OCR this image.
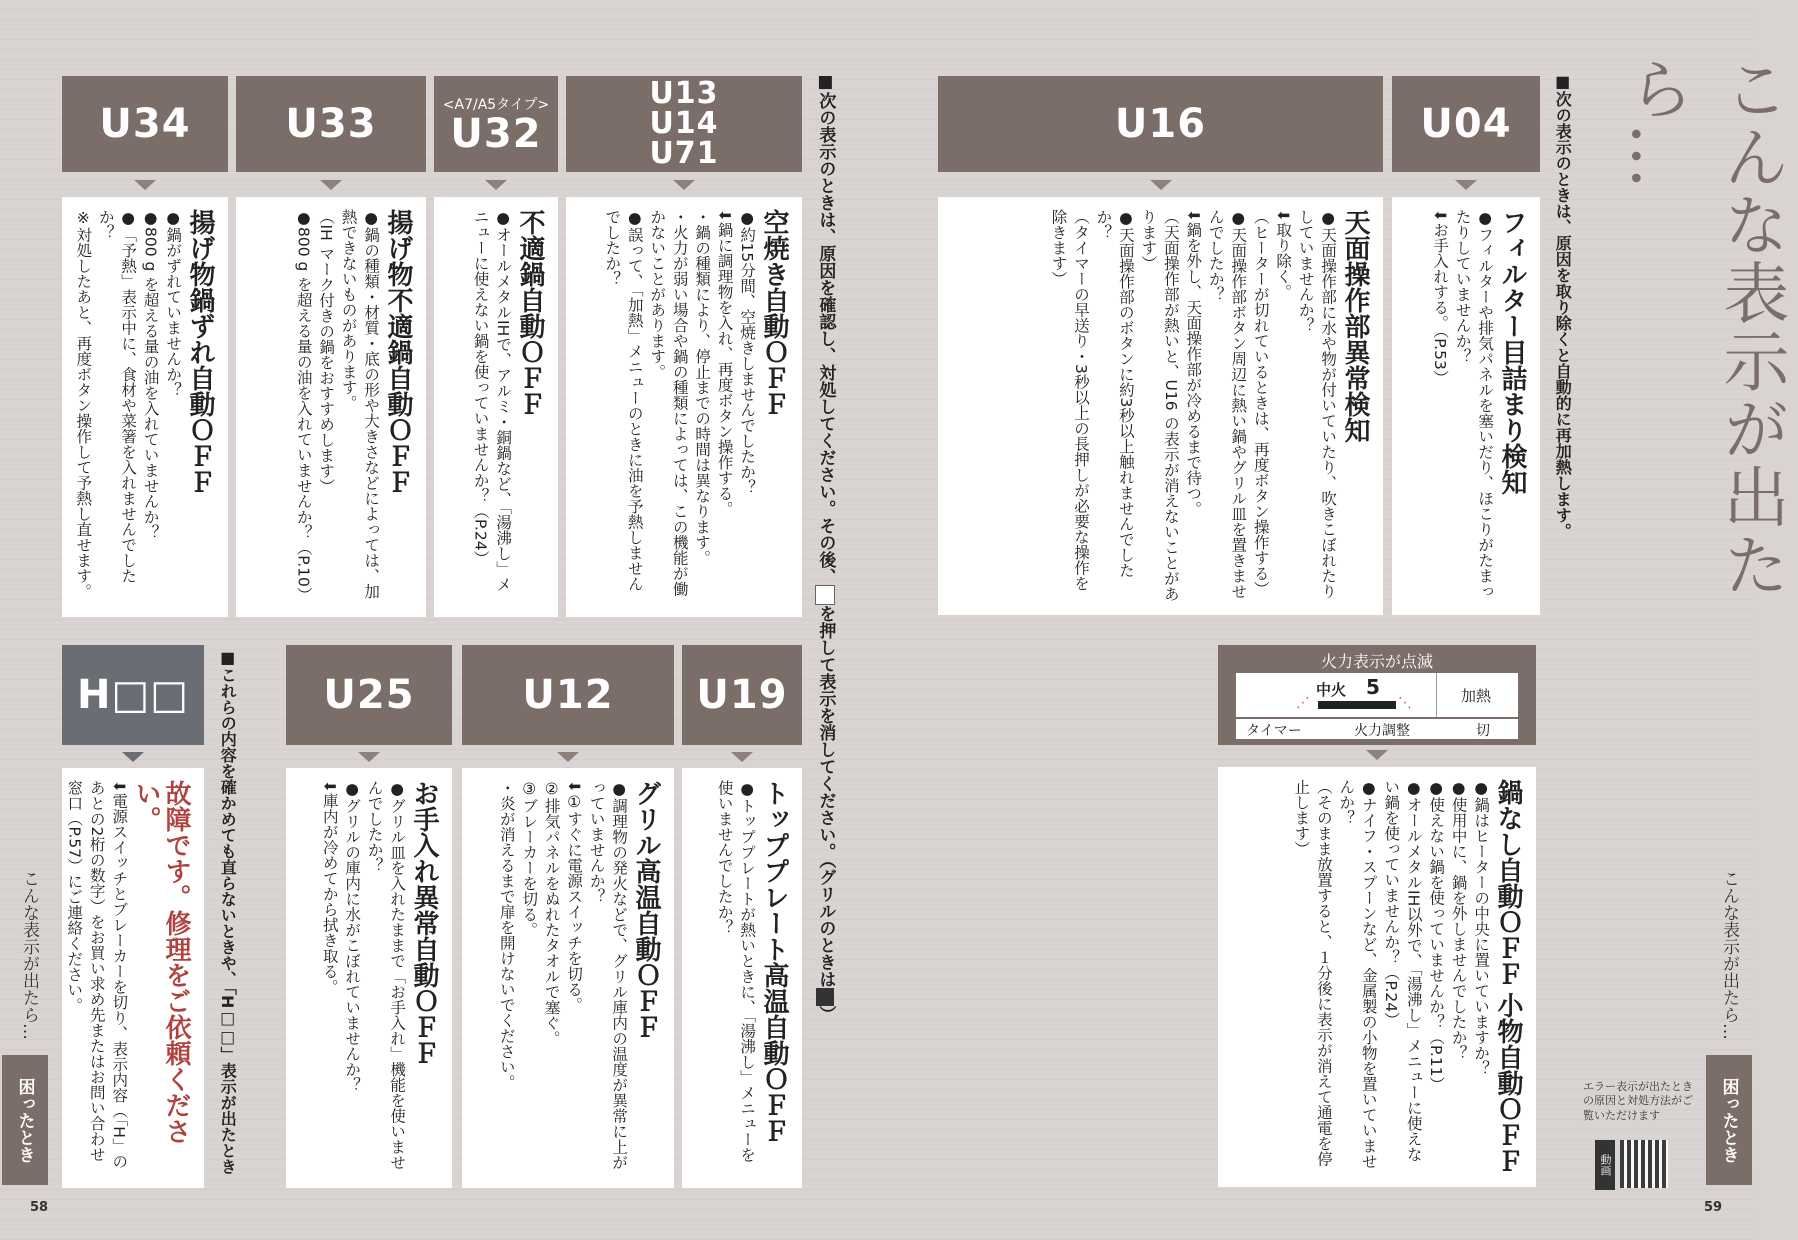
こんな表示が出たら…
■次の表示のときは、原因を取り除くと自動的に再加熱します。
U04
フィルター目詰まり検知
●フィルターや排気パネルを塞いだり、ほこりがたまったりしていませんか？
⬇お手入れする。（P.53）
U16
天面操作部異常検知
●天面操作部に水や物が付いていたり、吹きこぼれたりしていませんか？
⬇取り除く。
（ヒーターが切れているときは、再度ボタン操作する）
●天面操作部ボタン周辺に熱い鍋やグリル皿を置きませんでしたか？
⬇鍋を外し、天面操作部が冷めるまで待つ。
（天面操作部が熱いと、U16 の表示が消えないことがあります）
●天面操作部のボタンに約3秒以上触れませんでしたか？
（タイマーの早送り・3秒以上の長押しが必要な操作を除きます）
火力表示が点滅
中火 5
⋰	⋱	加熱
タイマー	火力調整	切
鍋なし自動ＯＦＦ 小物自動ＯＦＦ
●鍋はヒーターの中央に置いていますか？
●使用中に、鍋を外しませんでしたか？
●使えない鍋を使っていませんか？（P.11）
●オールメタルIH以外で、「湯沸し」メニューに使えない鍋を使っていませんか？（P.24）
●ナイフ・スプーンなど、金属製の小物を置いていませんか？
（そのまま放置すると、１分後に表示が消えて通電を停止します）
こんな表示が出たら…
困ったとき
59
エラー表示が出たときの原因と対処方法がご覧いただけます
動画
■次の表示のときは、原因を確認し、対処してください。その後、を押して表示を消してください。（グリルのときは）
U13
U14
U71
空焼き自動ＯＦＦ
●約15分間、空焼きしませんでしたか？
⬇鍋に調理物を入れ、再度ボタン操作する。
・鍋の種類により、停止までの時間は異なります。
・火力が弱い場合や鍋の種類によっては、この機能が働かないことがあります。
●誤って、「加熱」メニューのときに油を予熱しませんでしたか？
<A7/A5タイプ>
U32
不適鍋自動ＯＦＦ
●オールメタルIHで、アルミ・銅鍋など、「湯沸し」メニューに使えない鍋を使っていませんか？（P.24）
U33
揚げ物不適鍋自動ＯＦＦ
●鍋の種類・材質・底の形や大きさなどによっては、加熱できないものがあります。
（IH マーク付きの鍋をおすすめします）
●800 g を超える量の油を入れていませんか？（P.10）
U34
揚げ物鍋ずれ自動ＯＦＦ
●鍋がずれていませんか？
●800 g を超える量の油を入れていませんか？
●「予熱」表示中に、食材や菜箸を入れませんでしたか？
※対処したあと、再度ボタン操作して予熱し直せます。
U19
トッププレート高温自動ＯＦＦ
●トッププレートが熱いときに、「湯沸し」メニューを使いませんでしたか？
U12
グリル高温自動ＯＦＦ
●調理物の発火などで、グリル庫内の温度が異常に上がっていませんか？
⬇①すぐに電源スイッチを切る。
②排気パネルをぬれたタオルで塞ぐ。
③ブレーカーを切る。
・炎が消えるまで扉を開けないでください。
U25
お手入れ異常自動ＯＦＦ
●グリル皿を入れたままで「お手入れ」機能を使いませんでしたか？
●グリルの庫内に水がこぼれていませんか？
⬇庫内が冷めてから拭き取る。
■これらの内容を確かめても直らないときや、「H□□」表示が出たとき
H□□
故障です。修理をご依頼ください。
⬇電源スイッチとブレーカーを切り、表示内容（「H」のあとの2桁の数字）をお買い求め先またはお問い合わせ窓口（P.57）にご連絡ください。
こんな表示が出たら…
困ったとき
58
